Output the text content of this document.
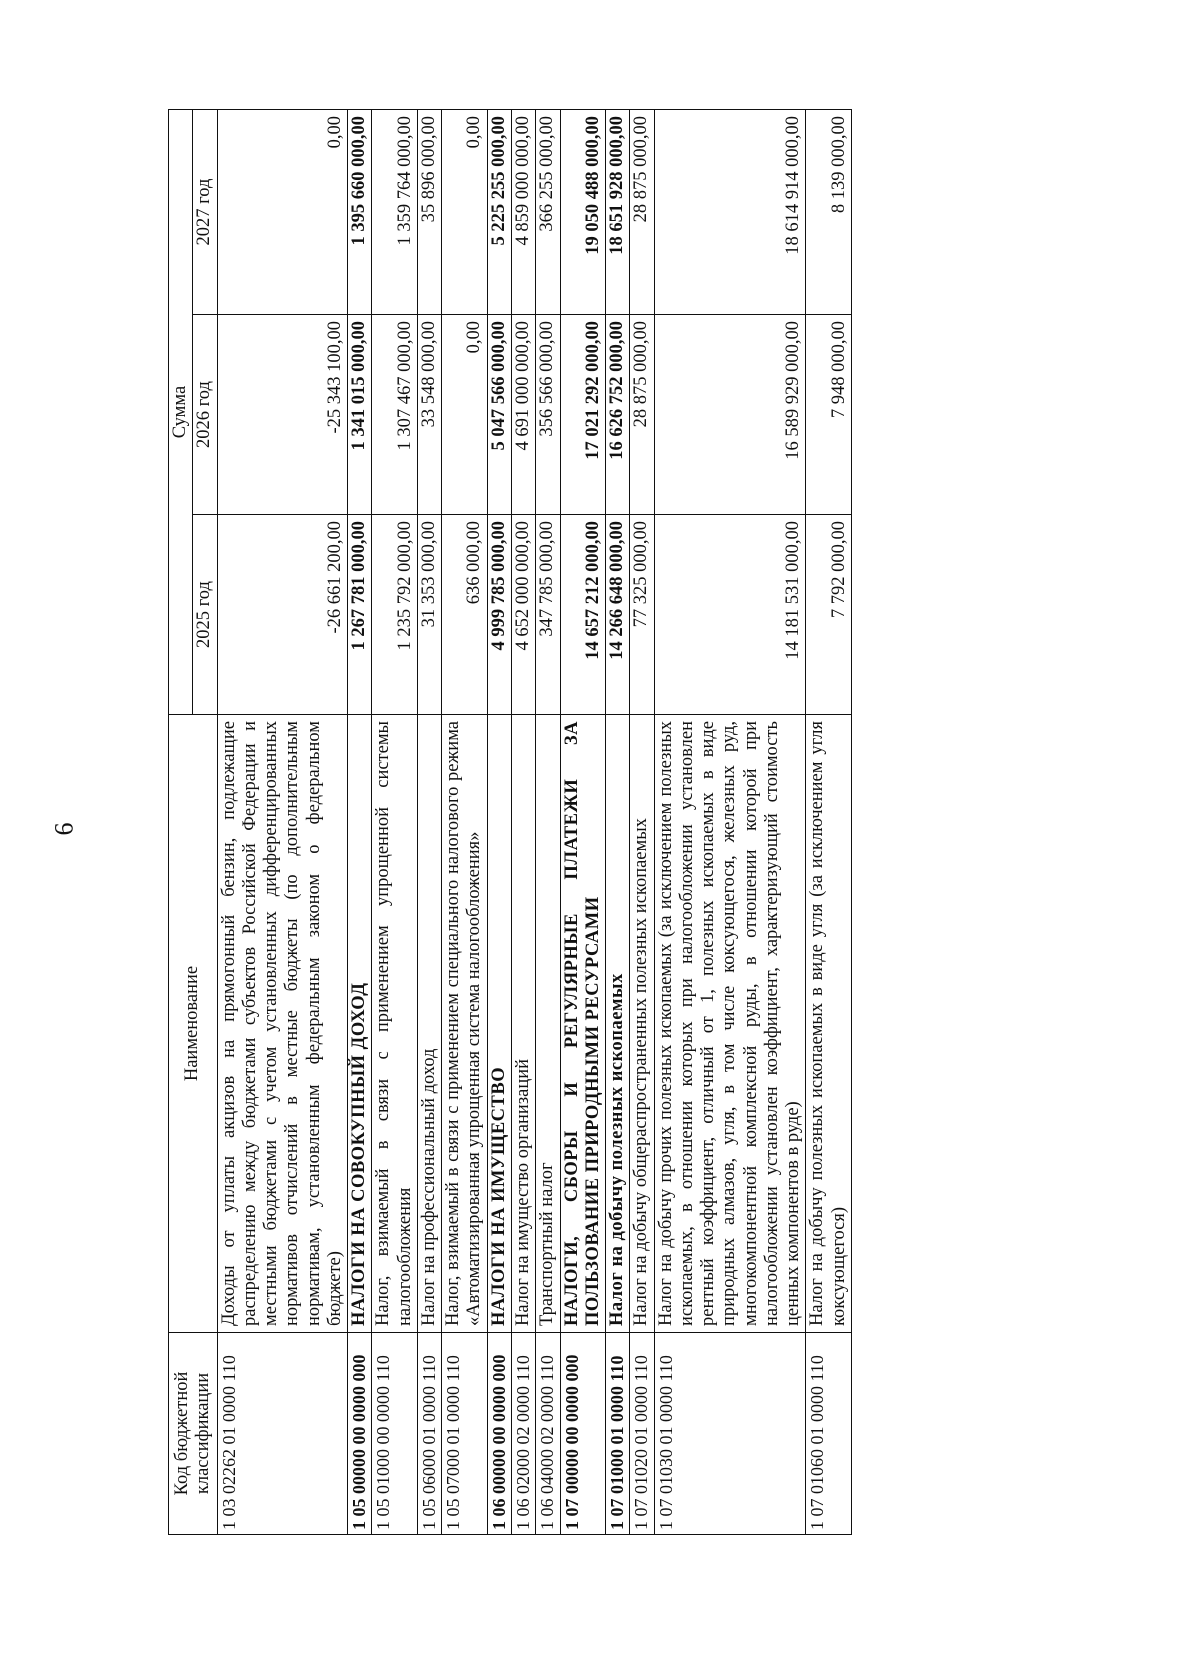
6
Код бюджетной классификации	Наименование	Сумма		
		2025 год	2026 год	2027 год
1 03 02262 01 0000 110	Доходы от уплаты акцизов на прямогонный бензин, подлежащие распределению между бюджетами субъектов Российской Федерации и местными бюджетами с учетом установленных дифференцированных нормативов отчислений в местные бюджеты (по дополнительным нормативам, установленным федеральным законом о федеральном бюджете)	-26 661 200,00	-25 343 100,00	0,00
1 05 00000 00 0000 000	НАЛОГИ НА СОВОКУПНЫЙ ДОХОД	1 267 781 000,00	1 341 015 000,00	1 395 660 000,00
1 05 01000 00 0000 110	Налог, взимаемый в связи с применением упрощенной системы налогообложения	1 235 792 000,00	1 307 467 000,00	1 359 764 000,00
1 05 06000 01 0000 110	Налог на профессиональный доход	31 353 000,00	33 548 000,00	35 896 000,00
1 05 07000 01 0000 110	Налог, взимаемый в связи с применением специального налогового режима «Автоматизированная упрощенная система налогообложения»	636 000,00	0,00	0,00
1 06 00000 00 0000 000	НАЛОГИ НА ИМУЩЕСТВО	4 999 785 000,00	5 047 566 000,00	5 225 255 000,00
1 06 02000 02 0000 110	Налог на имущество организаций	4 652 000 000,00	4 691 000 000,00	4 859 000 000,00
1 06 04000 02 0000 110	Транспортный налог	347 785 000,00	356 566 000,00	366 255 000,00
1 07 00000 00 0000 000	НАЛОГИ, СБОРЫ И РЕГУЛЯРНЫЕ ПЛАТЕЖИ ЗА ПОЛЬЗОВАНИЕ ПРИРОДНЫМИ РЕСУРСАМИ	14 657 212 000,00	17 021 292 000,00	19 050 488 000,00
1 07 01000 01 0000 110	Налог на добычу полезных ископаемых	14 266 648 000,00	16 626 752 000,00	18 651 928 000,00
1 07 01020 01 0000 110	Налог на добычу общераспространенных полезных ископаемых	77 325 000,00	28 875 000,00	28 875 000,00
1 07 01030 01 0000 110	Налог на добычу прочих полезных ископаемых (за исключением полезных ископаемых, в отношении которых при налогообложении установлен рентный коэффициент, отличный от 1, полезных ископаемых в виде природных алмазов, угля, в том числе коксующегося, железных руд, многокомпонентной комплексной руды, в отношении которой при налогообложении установлен коэффициент, характеризующий стоимость ценных компонентов в руде)	14 181 531 000,00	16 589 929 000,00	18 614 914 000,00
1 07 01060 01 0000 110	Налог на добычу полезных ископаемых в виде угля (за исключением угля коксующегося)	7 792 000,00	7 948 000,00	8 139 000,00
